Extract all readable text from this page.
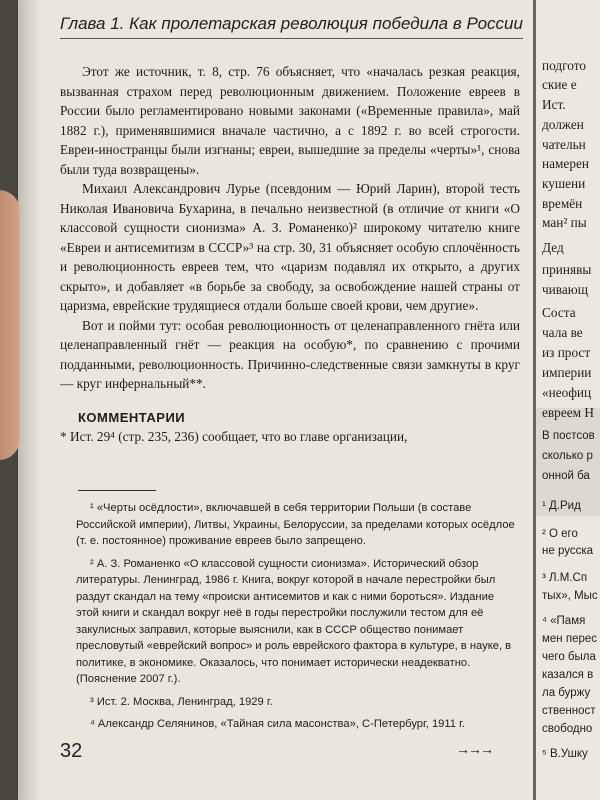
Глава 1. Как пролетарская революция победила в России

Этот же источник, т. 8, стр. 76 объясняет, что «началась резкая реакция, вызванная страхом перед революционным движением. Положение евреев в России было регламентировано новыми законами («Временные правила», май 1882 г.), применявшимися вначале частично, а с 1892 г. во всей строгости. Евреи-иностранцы были изгнаны; евреи, вышедшие за пределы «черты»¹, снова были туда возвращены».

Михаил Александрович Лурье (псевдоним — Юрий Ларин), второй тесть Николая Ивановича Бухарина, в печально неизвестной (в отличие от книги «О классовой сущности сионизма» А. З. Романенко)² широкому читателю книге «Евреи и антисемитизм в СССР»³ на стр. 30, 31 объясняет особую сплочённость и революционность евреев тем, что «царизм подавлял их открыто, а других скрыто», и добавляет «в борьбе за свободу, за освобождение нашей страны от царизма, еврейские трудящиеся отдали больше своей крови, чем другие».

Вот и пойми тут: особая революционность от целенаправленного гнёта или целенаправленный гнёт — реакция на особую*, по сравнению с прочими подданными, революционность. Причинно-следственные связи замкнуты в круг — круг инфернальный**.

КОММЕНТАРИИ

* Ист. 29⁴ (стр. 235, 236) сообщает, что во главе организации,

¹ «Черты осёдлости», включавшей в себя территории Польши (в составе Российской империи), Литвы, Украины, Белоруссии, за пределами которых осёдлое (т. е. постоянное) проживание евреев было запрещено.

² А. З. Романенко «О классовой сущности сионизма». Исторический обзор литературы. Ленинград, 1986 г. Книга, вокруг которой в начале перестройки был раздут скандал на тему «происки антисемитов и как с ними бороться». Издание этой книги и скандал вокруг неё в годы перестройки послужили тестом для её закулисных заправил, которые выяснили, как в СССР общество понимает пресловутый «еврейский вопрос» и роль еврейского фактора в культуре, в науке, в политике, в экономике. Оказалось, что понимает исторически неадекватно. (Пояснение 2007 г.).

³ Ист. 2. Москва, Ленинград, 1929 г.

⁴ Александр Селянинов, «Тайная сила масонства», С-Петербург, 1911 г.

32	→→→
подгото
ские е
Ист.
должен
чательн
намерен
кушени
времён
ман² пы
Дед
принявы
чивающ
Соста
чала ве
из прост
империи
«неофиц
евреем Н
В постсов
сколько р
онной ба
¹ Д.Рид
² О его
не русска
³ Л.М.Сп
тых», Мыс
⁴ «Памя
мен перес
чего была
казался в
ла буржу
ственност
свободно
⁵ В.Ушку
